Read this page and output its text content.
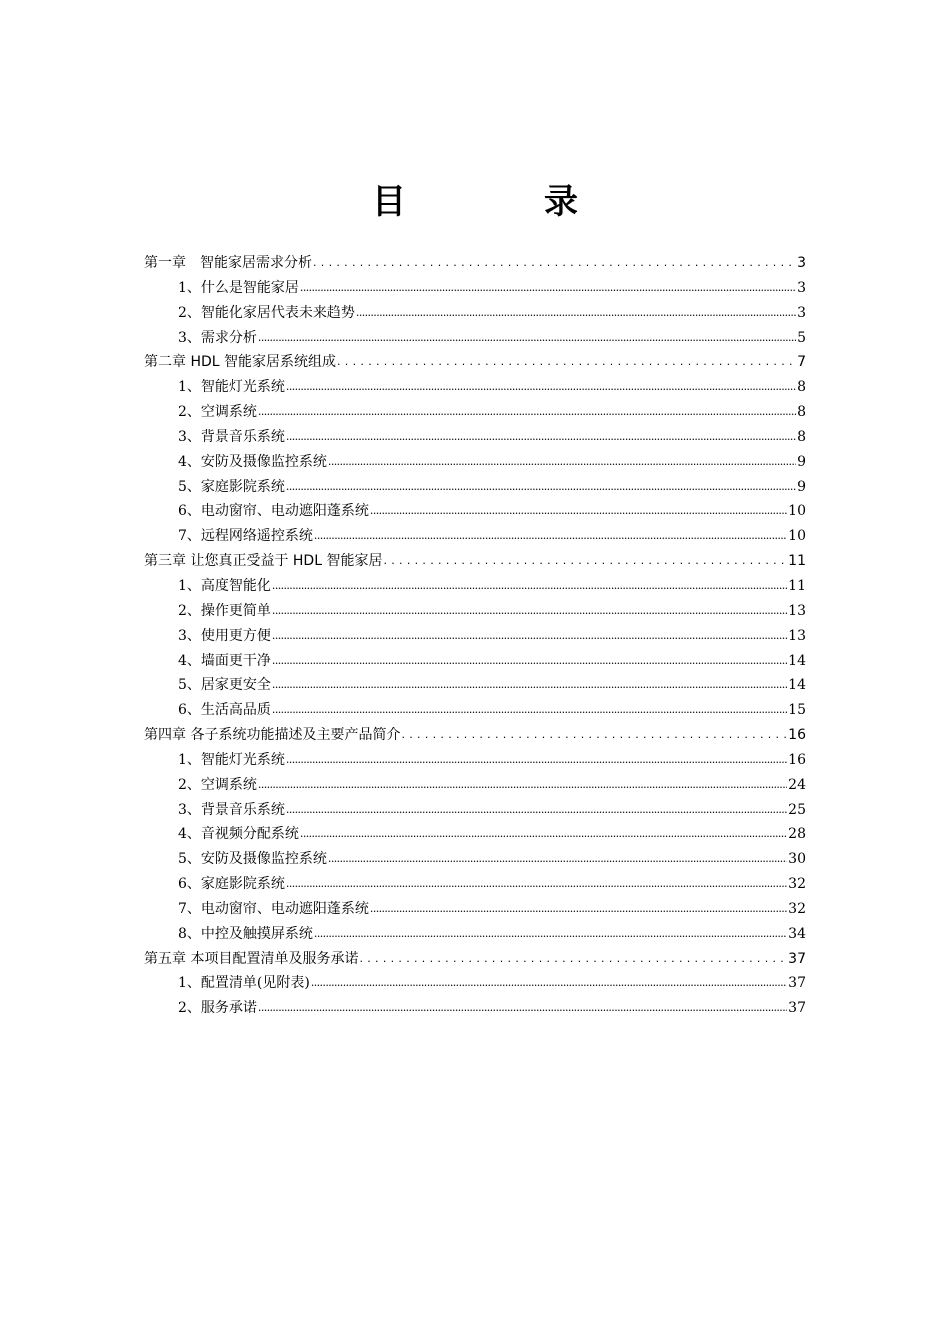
目　录
第一章　智能家居需求分析 . . .	3
1、什么是智能家居 .....	3
2、智能化家居代表未来趋势 .....	3
3、需求分析 .....	5
第二章 HDL 智能家居系统组成 . . .	7
1、智能灯光系统 .....	8
2、空调系统 .....	8
3、背景音乐系统 .....	8
4、安防及摄像监控系统 .....	9
5、家庭影院系统 .....	9
6、电动窗帘、电动遮阳蓬系统 .....	10
7、远程网络遥控系统 .....	10
第三章 让您真正受益于 HDL 智能家居 . . .	11
1、高度智能化 .....	11
2、操作更简单 .....	13
3、使用更方便 .....	13
4、墙面更干净 .....	14
5、居家更安全 .....	14
6、生活高品质 .....	15
第四章 各子系统功能描述及主要产品简介 . . .	16
1、智能灯光系统 .....	16
2、空调系统 .....	24
3、背景音乐系统 .....	25
4、音视频分配系统 .....	28
5、安防及摄像监控系统 .....	30
6、家庭影院系统 .....	32
7、电动窗帘、电动遮阳蓬系统 .....	32
8、中控及触摸屏系统 .....	34
第五章 本项目配置清单及服务承诺 . . .	37
1、配置清单(见附表) .....	37
2、服务承诺 .....	37
